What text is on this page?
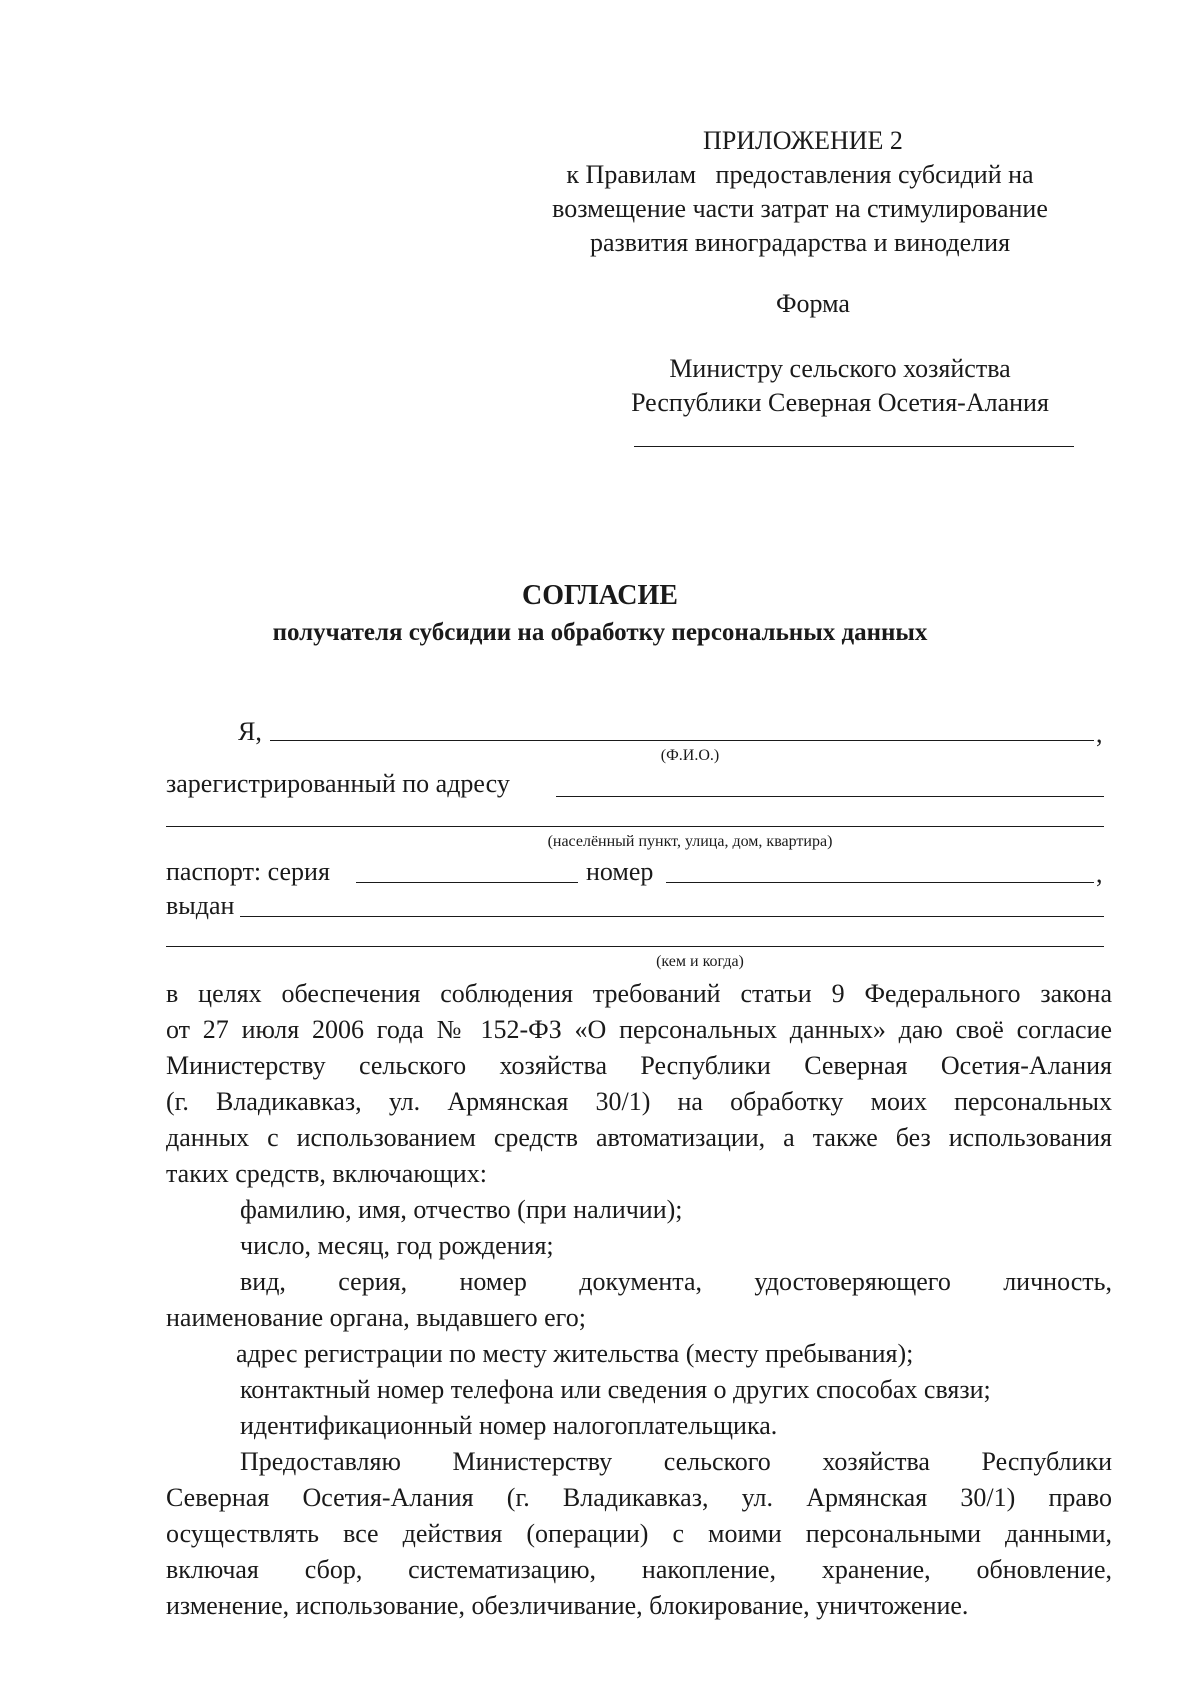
ПРИЛОЖЕНИЕ 2
к Правилам   предоставления субсидий на
возмещение части затрат на стимулирование
развития виноградарства и виноделия
Форма
Министру сельского хозяйства
Республики Северная Осетия-Алания
СОГЛАСИЕ
получателя субсидии на обработку персональных данных
Я,	,
(Ф.И.О.)
зарегистрированный по адресу
(населённый пункт, улица, дом, квартира)
паспорт: серия	номер	,
выдан
(кем и когда)
в целях обеспечения соблюдения требований статьи 9 Федерального закона
от 27 июля 2006 года № 152-ФЗ «О персональных данных» даю своё согласие
Министерству сельского хозяйства Республики Северная Осетия-Алания
(г. Владикавказ, ул. Армянская 30/1) на обработку моих персональных
данных с использованием средств автоматизации, а также без использования
таких средств, включающих:
фамилию, имя, отчество (при наличии);
число, месяц, год рождения;
вид, серия, номер документа, удостоверяющего личность,
наименование органа, выдавшего его;
адрес регистрации по месту жительства (месту пребывания);
контактный номер телефона или сведения о других способах связи;
идентификационный номер налогоплательщика.
Предоставляю Министерству сельского хозяйства Республики
Северная Осетия-Алания (г. Владикавказ, ул. Армянская 30/1) право
осуществлять все действия (операции) с моими персональными данными,
включая сбор, систематизацию, накопление, хранение, обновление,
изменение, использование, обезличивание, блокирование, уничтожение.
